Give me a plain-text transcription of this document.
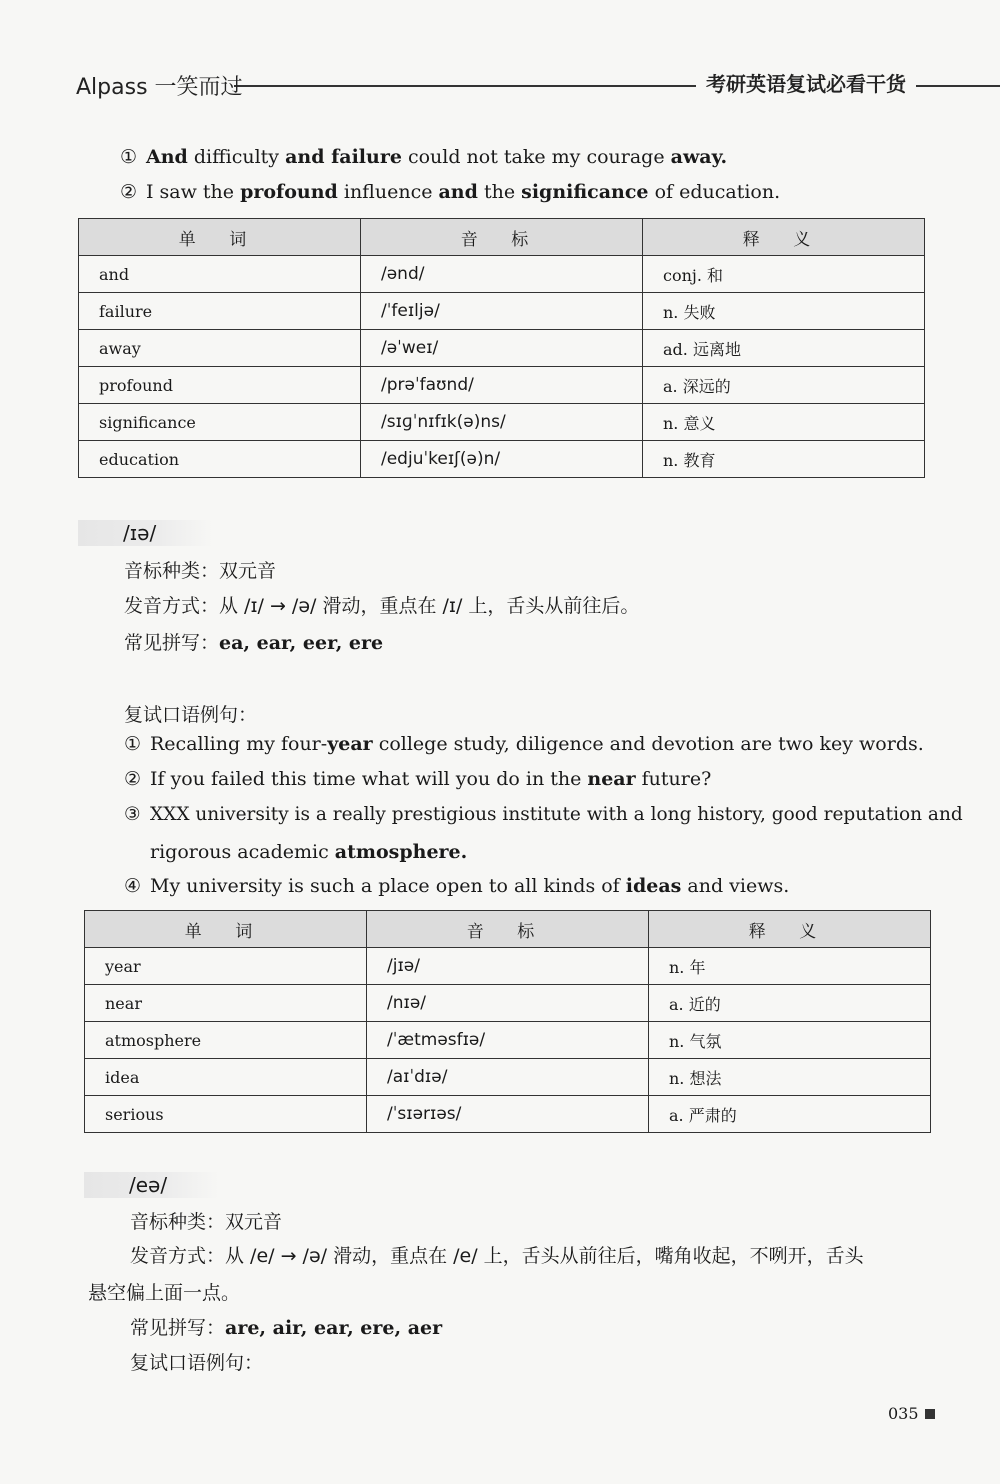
Alpass 一笑而过	考研英语复试必看干货
① And difficulty and failure could not take my courage away.
② I saw the profound influence and the significance of education.
单 词	音 标	释 义
and	/ənd/	conj. 和
failure	/ˈfeɪljə/	n. 失败
away	/əˈweɪ/	ad. 远离地
profound	/prəˈfaʊnd/	a. 深远的
significance	/sɪɡˈnɪfɪk(ə)ns/	n. 意义
education	/edjuˈkeɪʃ(ə)n/	n. 教育
/ɪə/
音标种类：双元音
发音方式：从 /ɪ/ → /ə/ 滑动，重点在 /ɪ/ 上，舌头从前往后。
常见拼写：ea, ear, eer, ere
复试口语例句：
① Recalling my four-year college study, diligence and devotion are two key words.
② If you failed this time what will you do in the near future?
③ XXX university is a really prestigious institute with a long history, good reputation and
rigorous academic atmosphere.
④ My university is such a place open to all kinds of ideas and views.
单 词	音 标	释 义
year	/jɪə/	n. 年
near	/nɪə/	a. 近的
atmosphere	/ˈætməsfɪə/	n. 气氛
idea	/aɪˈdɪə/	n. 想法
serious	/ˈsɪərɪəs/	a. 严肃的
/eə/
音标种类：双元音
发音方式：从 /e/ → /ə/ 滑动，重点在 /e/ 上，舌头从前往后，嘴角收起，不咧开，舌头
悬空偏上面一点。
常见拼写：are, air, ear, ere, aer
复试口语例句：
035
